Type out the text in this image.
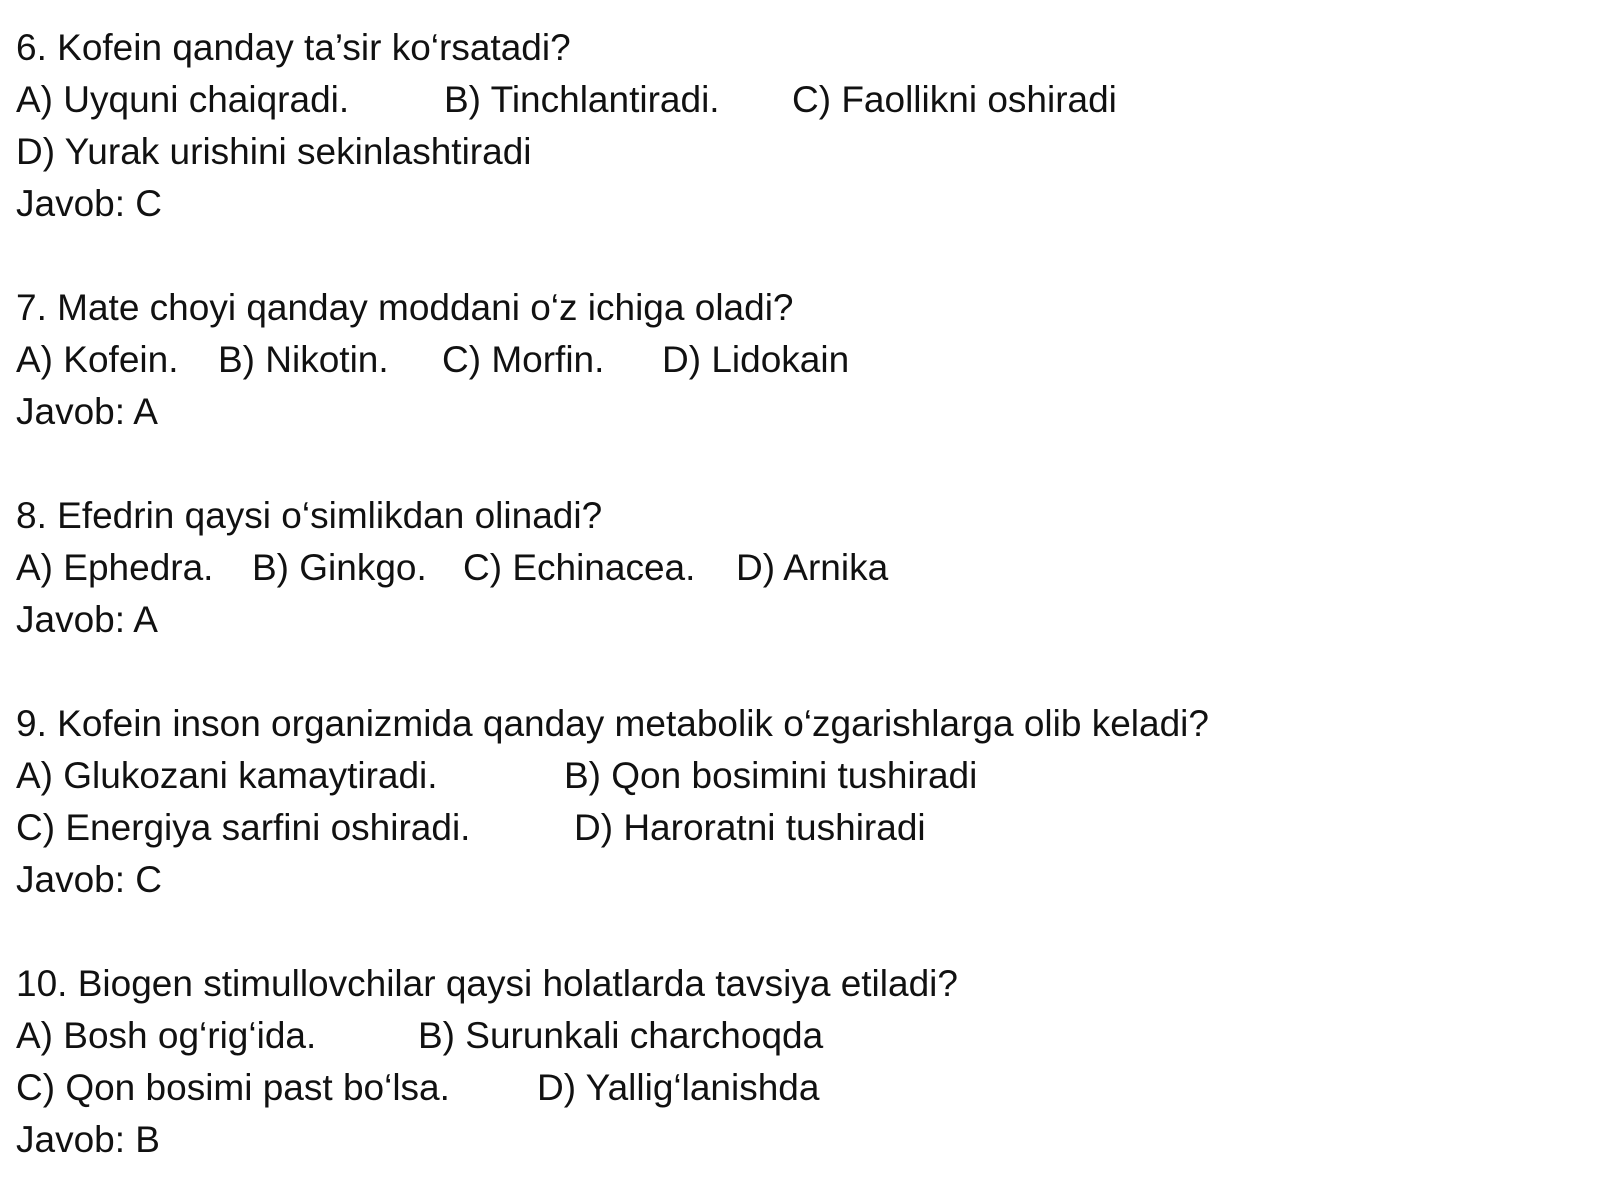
6. Kofein qanday ta’sir ko‘rsatadi?
A) Uyquni chaiqradi.	B) Tinchlantiradi. C) Faollikni oshiradi
D) Yurak urishini sekinlashtiradi
Javob: C
7. Mate choyi qanday moddani o‘z ichiga oladi?
A) Kofein. B) Nikotin. C) Morfin. D) Lidokain
Javob: A
8. Efedrin qaysi o‘simlikdan olinadi?
A) Ephedra. B) Ginkgo. C) Echinacea. D) Arnika
Javob: A
9. Kofein inson organizmida qanday metabolik o‘zgarishlarga olib keladi?
A) Glukozani kamaytiradi.	B) Qon bosimini tushiradi
C) Energiya sarfini oshiradi.	D) Haroratni tushiradi
Javob: C
10. Biogen stimullovchilar qaysi holatlarda tavsiya etiladi?
A) Bosh og‘rig‘ida.	B) Surunkali charchoqda
C) Qon bosimi past bo‘lsa. D) Yallig‘lanishda
Javob: B
